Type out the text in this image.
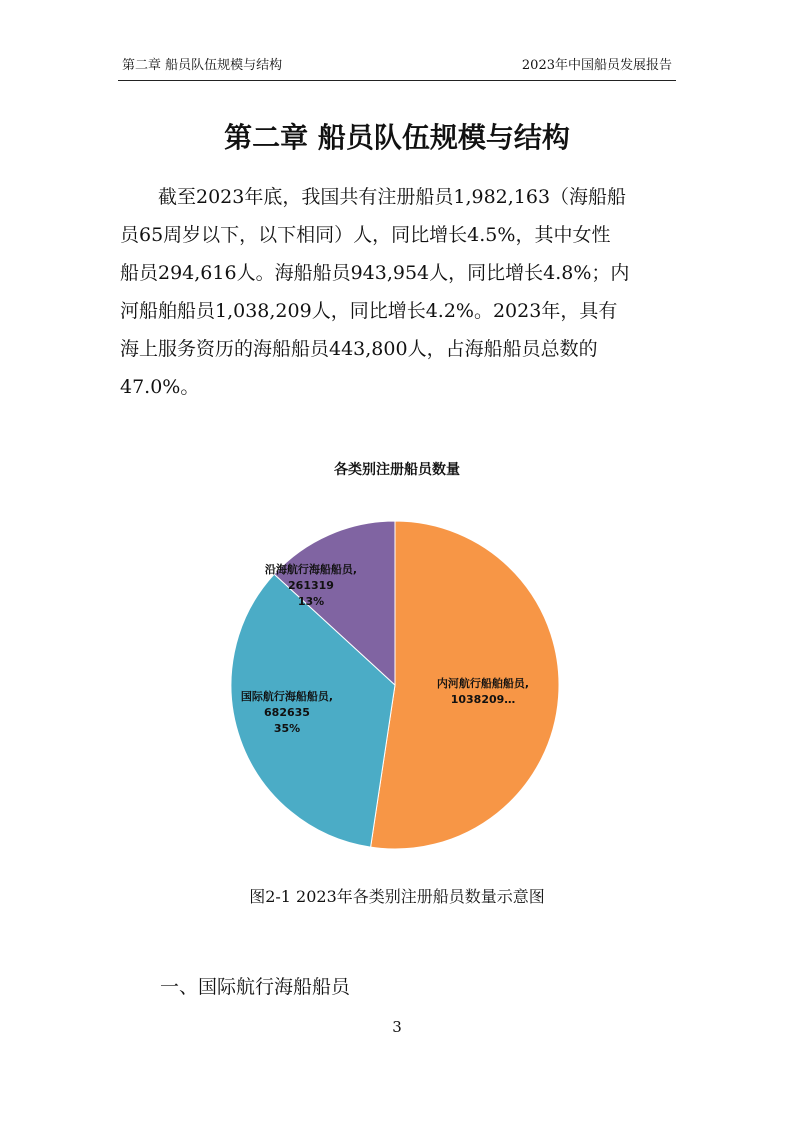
第二章 船员队伍规模与结构	2023年中国船员发展报告
第二章 船员队伍规模与结构
截至2023年底，我国共有注册船员1,982,163（海船船
员65周岁以下，以下相同）人，同比增长4.5%，其中女性
船员294,616人。海船船员943,954人，同比增长4.8%；内
河船舶船员1,038,209人，同比增长4.2%。2023年，具有
海上服务资历的海船船员443,800人，占海船船员总数的
47.0%。
各类别注册船员数量
内河航行船舶船员, 1038209…
国际航行海船船员, 682635 35%
沿海航行海船船员, 261319 13%
图2-1 2023年各类别注册船员数量示意图
一、国际航行海船船员
3
